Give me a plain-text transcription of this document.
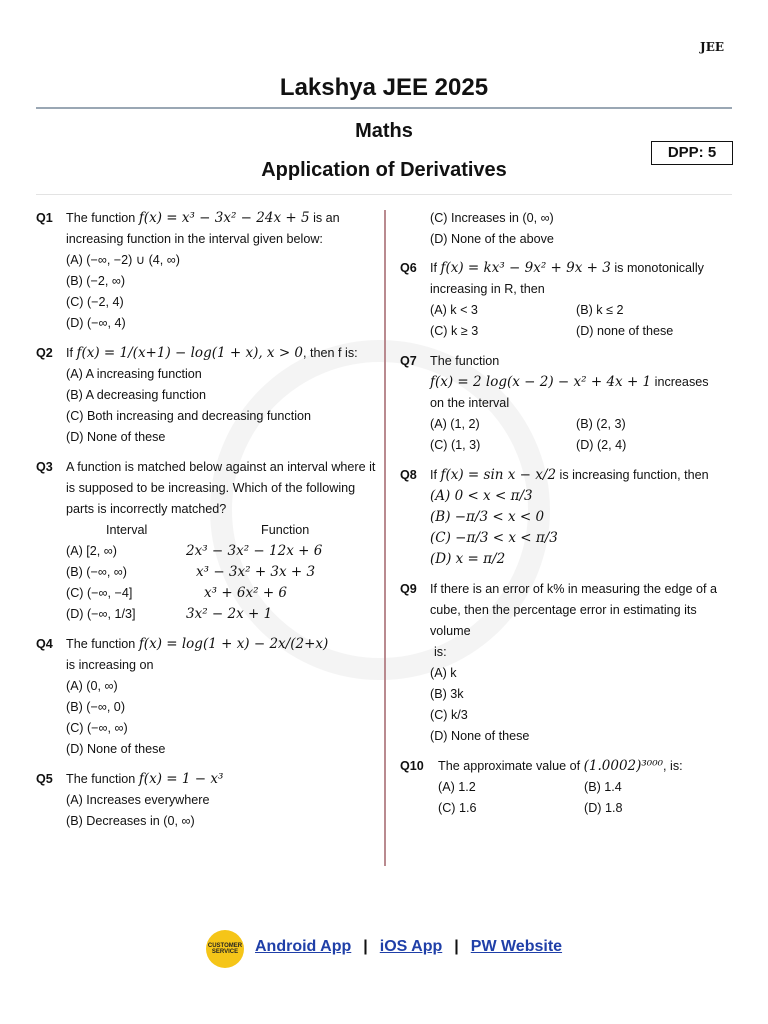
JEE
Lakshya JEE 2025
Maths
DPP: 5
Application of Derivatives
Q1	The function f(x) = x³ − 3x² − 24x + 5 is an increasing function in the interval given below:
(A) (−∞, −2) ∪ (4, ∞)
(B) (−2, ∞)
(C) (−2, 4)
(D) (−∞, 4)
Q2	If f(x) = 1/(x+1) − log(1 + x), x > 0, then f is:
(A) A increasing function
(B) A decreasing function
(C) Both increasing and decreasing function
(D) None of these
Q3	A function is matched below against an interval where it is supposed to be increasing. Which of the following parts is incorrectly matched?
Interval	Function
(A) [2, ∞)	2x³ − 3x² − 12x + 6
(B) (−∞, ∞)	x³ − 3x² + 3x + 3
(C) (−∞, −4]	x³ + 6x² + 6
(D) (−∞, 1/3]	3x² − 2x + 1
Q4	The function f(x) = log(1 + x) − 2x/(2+x)
is increasing on
(A) (0, ∞)
(B) (−∞, 0)
(C) (−∞, ∞)
(D) None of these
Q5	The function f(x) = 1 − x³
(A) Increases everywhere
(B) Decreases in (0, ∞)
(C) Increases in (0, ∞)
(D) None of the above
Q6	If f(x) = kx³ − 9x² + 9x + 3 is monotonically increasing in R, then
(A) k < 3	(B) k ≤ 2
(C) k ≥ 3	(D) none of these
Q7	The function
f(x) = 2 log(x − 2) − x² + 4x + 1 increases
on the interval
(A) (1, 2)	(B) (2, 3)
(C) (1, 3)	(D) (2, 4)
Q8	If f(x) = sin x − x/2 is increasing function, then
(A) 0 < x < π/3
(B) −π/3 < x < 0
(C) −π/3 < x < π/3
(D) x = π/2
Q9	If there is an error of k% in measuring the edge of a cube, then the percentage error in estimating its volume
is:
(A) k
(B) 3k
(C) k/3
(D) None of these
Q10	The approximate value of (1.0002)³⁰⁰⁰, is:
(A) 1.2	(B) 1.4
(C) 1.6	(D) 1.8
CUSTOMER SERVICE	Android App | iOS App | PW Website
